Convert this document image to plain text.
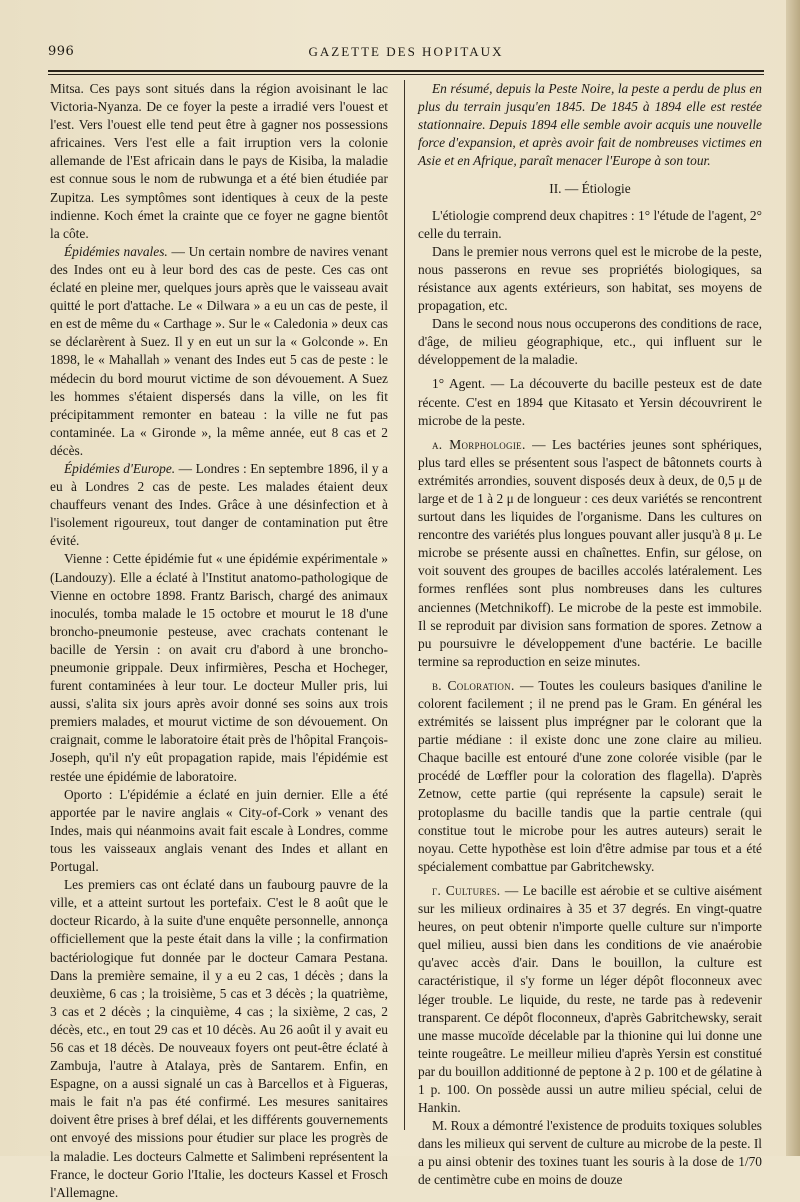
996	GAZETTE DES HOPITAUX

Mitsa. Ces pays sont situés dans la région avoisinant le lac Victoria-Nyanza. De ce foyer la peste a irradié vers l'ouest et l'est. Vers l'ouest elle tend peut être à gagner nos possessions africaines. Vers l'est elle a fait irruption vers la colonie allemande de l'Est africain dans le pays de Kisiba, la maladie est connue sous le nom de rubwunga et a été bien étudiée par Zupitza. Les symptômes sont identiques à ceux de la peste indienne. Koch émet la crainte que ce foyer ne gagne bientôt la côte.

Épidémies navales. — Un certain nombre de navires venant des Indes ont eu à leur bord des cas de peste. Ces cas ont éclaté en pleine mer, quelques jours après que le vaisseau avait quitté le port d'attache. Le « Dilwara » a eu un cas de peste, il en est de même du « Carthage ». Sur le « Caledonia » deux cas se déclarèrent à Suez. Il y en eut un sur la « Golconde ». En 1898, le « Mahallah » venant des Indes eut 5 cas de peste : le médecin du bord mourut victime de son dévouement. A Suez les hommes s'étaient dispersés dans la ville, on les fit précipitamment remonter en bateau : la ville ne fut pas contaminée. La « Gironde », la même année, eut 8 cas et 2 décès.

Épidémies d'Europe. — Londres : En septembre 1896, il y a eu à Londres 2 cas de peste. Les malades étaient deux chauffeurs venant des Indes. Grâce à une désinfection et à l'isolement rigoureux, tout danger de contamination put être évité.

Vienne : Cette épidémie fut « une épidémie expérimentale » (Landouzy). Elle a éclaté à l'Institut anatomo-pathologique de Vienne en octobre 1898. Frantz Barisch, chargé des animaux inoculés, tomba malade le 15 octobre et mourut le 18 d'une broncho-pneumonie pesteuse, avec crachats contenant le bacille de Yersin : on avait cru d'abord à une broncho-pneumonie grippale. Deux infirmières, Pescha et Hocheger, furent contaminées à leur tour. Le docteur Muller pris, lui aussi, s'alita six jours après avoir donné ses soins aux trois premiers malades, et mourut victime de son dévouement. On craignait, comme le laboratoire était près de l'hôpital François-Joseph, qu'il n'y eût propagation rapide, mais l'épidémie est restée une épidémie de laboratoire.

Oporto : L'épidémie a éclaté en juin dernier. Elle a été apportée par le navire anglais « City-of-Cork » venant des Indes, mais qui néanmoins avait fait escale à Londres, comme tous les vaisseaux anglais venant des Indes et allant en Portugal.

Les premiers cas ont éclaté dans un faubourg pauvre de la ville, et a atteint surtout les portefaix. C'est le 8 août que le docteur Ricardo, à la suite d'une enquête personnelle, annonça officiellement que la peste était dans la ville ; la confirmation bactériologique fut donnée par le docteur Camara Pestana. Dans la première semaine, il y a eu 2 cas, 1 décès ; dans la deuxième, 6 cas ; la troisième, 5 cas et 3 décès ; la quatrième, 3 cas et 2 décès ; la cinquième, 4 cas ; la sixième, 2 cas, 2 décès, etc., en tout 29 cas et 10 décès. Au 26 août il y avait eu 56 cas et 18 décès. De nouveaux foyers ont peut-être éclaté à Zambuja, l'autre à Atalaya, près de Santarem. Enfin, en Espagne, on a aussi signalé un cas à Barcellos et à Figueras, mais le fait n'a pas été confirmé. Les mesures sanitaires doivent être prises à bref délai, et les différents gouvernements ont envoyé des missions pour étudier sur place les progrès de la maladie. Les docteurs Calmette et Salimbeni représentent la France, le docteur Gorio l'Italie, les docteurs Kassel et Frosch l'Allemagne.

En résumé, depuis la Peste Noire, la peste a perdu de plus en plus du terrain jusqu'en 1845. De 1845 à 1894 elle est restée stationnaire. Depuis 1894 elle semble avoir acquis une nouvelle force d'expansion, et après avoir fait de nombreuses victimes en Asie et en Afrique, paraît menacer l'Europe à son tour.

II. — Étiologie

L'étiologie comprend deux chapitres : 1° l'étude de l'agent, 2° celle du terrain.

Dans le premier nous verrons quel est le microbe de la peste, nous passerons en revue ses propriétés biologiques, sa résistance aux agents extérieurs, son habitat, ses moyens de propagation, etc.

Dans le second nous nous occuperons des conditions de race, d'âge, de milieu géographique, etc., qui influent sur le développement de la maladie.

1° Agent. — La découverte du bacille pesteux est de date récente. C'est en 1894 que Kitasato et Yersin découvrirent le microbe de la peste.

α. Morphologie. — Les bactéries jeunes sont sphériques, plus tard elles se présentent sous l'aspect de bâtonnets courts à extrémités arrondies, souvent disposés deux à deux, de 0,5 μ de large et de 1 à 2 μ de longueur : ces deux variétés se rencontrent surtout dans les liquides de l'organisme. Dans les cultures on rencontre des variétés plus longues pouvant aller jusqu'à 8 μ. Le microbe se présente aussi en chaînettes. Enfin, sur gélose, on voit souvent des groupes de bacilles accolés latéralement. Les formes renflées sont plus nombreuses dans les cultures anciennes (Metchnikoff). Le microbe de la peste est immobile. Il se reproduit par division sans formation de spores. Zetnow a pu poursuivre le développement d'une bactérie. Le bacille termine sa reproduction en seize minutes.

β. Coloration. — Toutes les couleurs basiques d'aniline le colorent facilement ; il ne prend pas le Gram. En général les extrémités se laissent plus imprégner par le colorant que la partie médiane : il existe donc une zone claire au milieu. Chaque bacille est entouré d'une zone colorée visible (par le procédé de Lœffler pour la coloration des flagella). D'après Zetnow, cette partie (qui représente la capsule) serait le protoplasme du bacille tandis que la partie centrale (qui constitue tout le microbe pour les autres auteurs) serait le noyau. Cette hypothèse est loin d'être admise par tous et a été spécialement combattue par Gabritchewsky.

γ. Cultures. — Le bacille est aérobie et se cultive aisément sur les milieux ordinaires à 35 et 37 degrés. En vingt-quatre heures, on peut obtenir n'importe quelle culture sur n'importe quel milieu, aussi bien dans les conditions de vie anaérobie qu'avec accès d'air. Dans le bouillon, la culture est caractéristique, il s'y forme un léger dépôt floconneux avec léger trouble. Le liquide, du reste, ne tarde pas à redevenir transparent. Ce dépôt floconneux, d'après Gabritchewsky, serait une masse mucoïde décelable par la thionine qui lui donne une teinte rougeâtre. Le meilleur milieu d'après Yersin est constitué par du bouillon additionné de peptone à 2 p. 100 et de gélatine à 1 p. 100. On possède aussi un autre milieu spécial, celui de Hankin.

M. Roux a démontré l'existence de produits toxiques solubles dans les milieux qui servent de culture au microbe de la peste. Il a pu ainsi obtenir des toxines tuant les souris à la dose de 1/70 de centimètre cube en moins de douze
